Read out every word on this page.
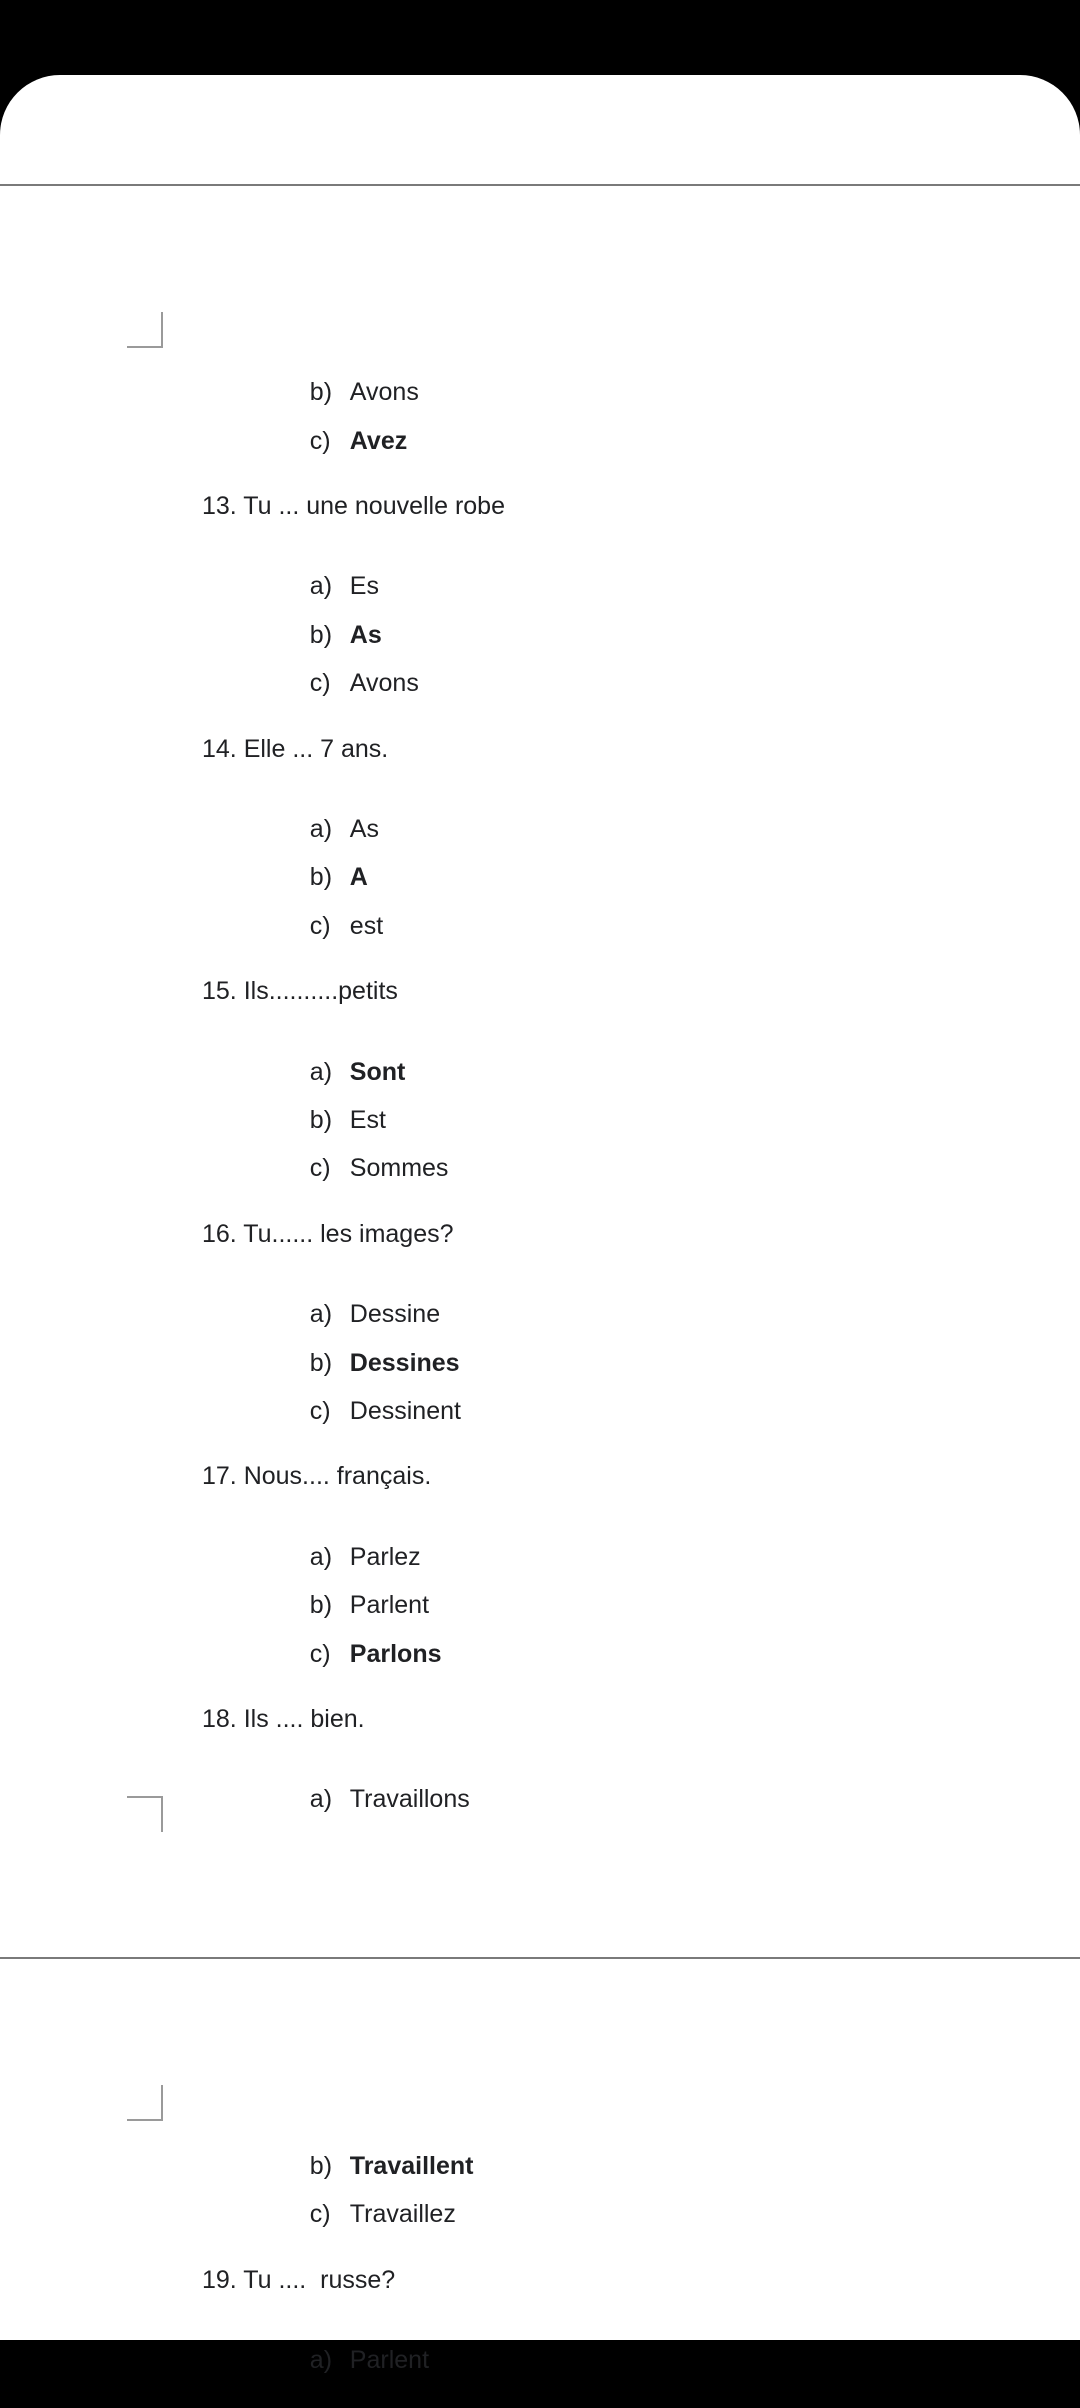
b) Avons

c) Avez

13. Tu ... une nouvelle robe

a) Es

b) As

c) Avons

14. Elle ... 7 ans.

a) As

b) A

c) est

15. Ils..........petits

a) Sont

b) Est

c) Sommes

16. Tu...... les images?

a) Dessine

b) Dessines

c) Dessinent

17. Nous.... français.

a) Parlez

b) Parlent

c) Parlons

18. Ils .... bien.

a) Travaillons

b) Travaillent

c) Travaillez

19. Tu ....  russe?

a) Parlent
